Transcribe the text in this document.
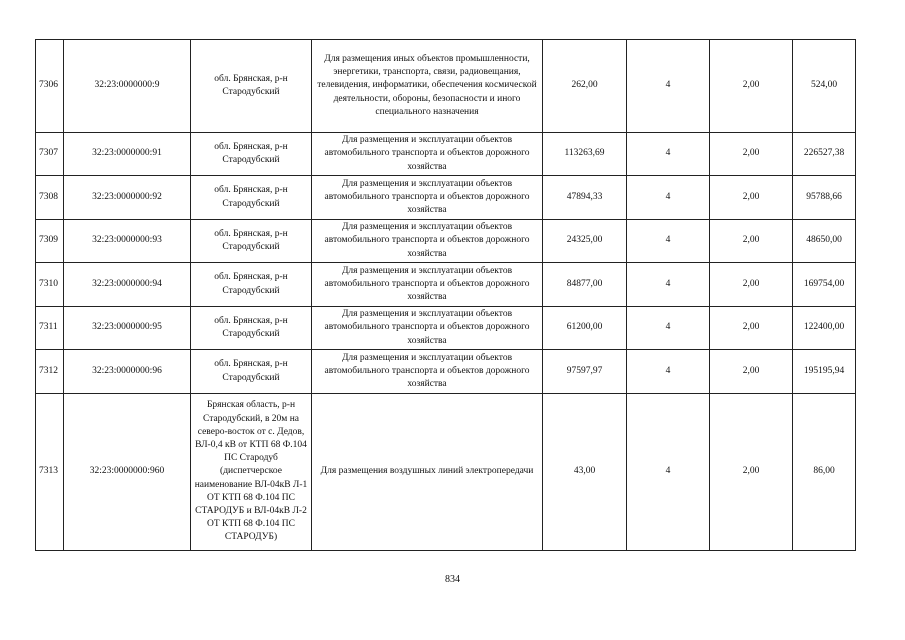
7306	32:23:0000000:9	обл. Брянская, р-н Стародубский	Для размещения иных объектов промышленности, энергетики, транспорта, связи, радиовещания, телевидения, информатики, обеспечения космической деятельности, обороны, безопасности и иного специального назначения	262,00	4	2,00	524,00
7307	32:23:0000000:91	обл. Брянская, р-н Стародубский	Для размещения и эксплуатации объектов автомобильного транспорта и объектов дорожного хозяйства	113263,69	4	2,00	226527,38
7308	32:23:0000000:92	обл. Брянская, р-н Стародубский	Для размещения и эксплуатации объектов автомобильного транспорта и объектов дорожного хозяйства	47894,33	4	2,00	95788,66
7309	32:23:0000000:93	обл. Брянская, р-н Стародубский	Для размещения и эксплуатации объектов автомобильного транспорта и объектов дорожного хозяйства	24325,00	4	2,00	48650,00
7310	32:23:0000000:94	обл. Брянская, р-н Стародубский	Для размещения и эксплуатации объектов автомобильного транспорта и объектов дорожного хозяйства	84877,00	4	2,00	169754,00
7311	32:23:0000000:95	обл. Брянская, р-н Стародубский	Для размещения и эксплуатации объектов автомобильного транспорта и объектов дорожного хозяйства	61200,00	4	2,00	122400,00
7312	32:23:0000000:96	обл. Брянская, р-н Стародубский	Для размещения и эксплуатации объектов автомобильного транспорта и объектов дорожного хозяйства	97597,97	4	2,00	195195,94
7313	32:23:0000000:960	Брянская область, р-н Стародубский, в 20м на северо-восток от с. Дедов, ВЛ-0,4 кВ от КТП 68 Ф.104 ПС Стародуб (диспетчерское наименование ВЛ-04кВ Л-1 ОТ КТП 68 Ф.104 ПС СТАРОДУБ и ВЛ-04кВ Л-2 ОТ КТП 68 Ф.104 ПС СТАРОДУБ)	Для размещения воздушных линий электропередачи	43,00	4	2,00	86,00
834
